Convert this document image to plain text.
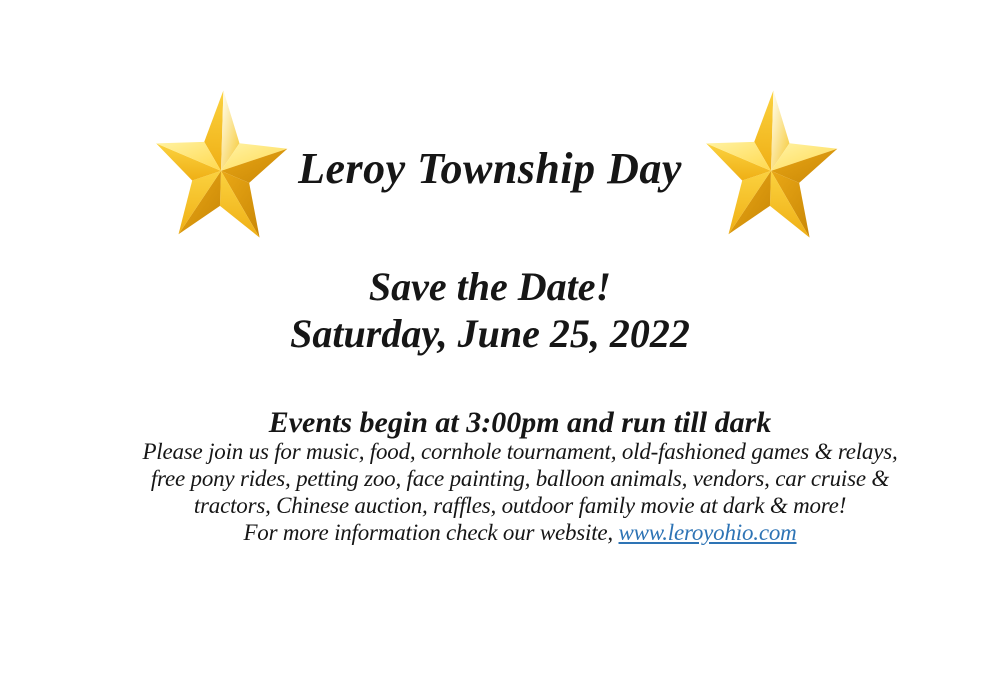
Leroy Township Day
Save the Date!
Saturday, June 25, 2022
Events begin at 3:00pm and run till dark
Please join us for music, food, cornhole tournament, old-fashioned games & relays,
free pony rides, petting zoo, face painting, balloon animals, vendors, car cruise &
tractors, Chinese auction, raffles, outdoor family movie at dark & more!
For more information check our website, www.leroyohio.com
